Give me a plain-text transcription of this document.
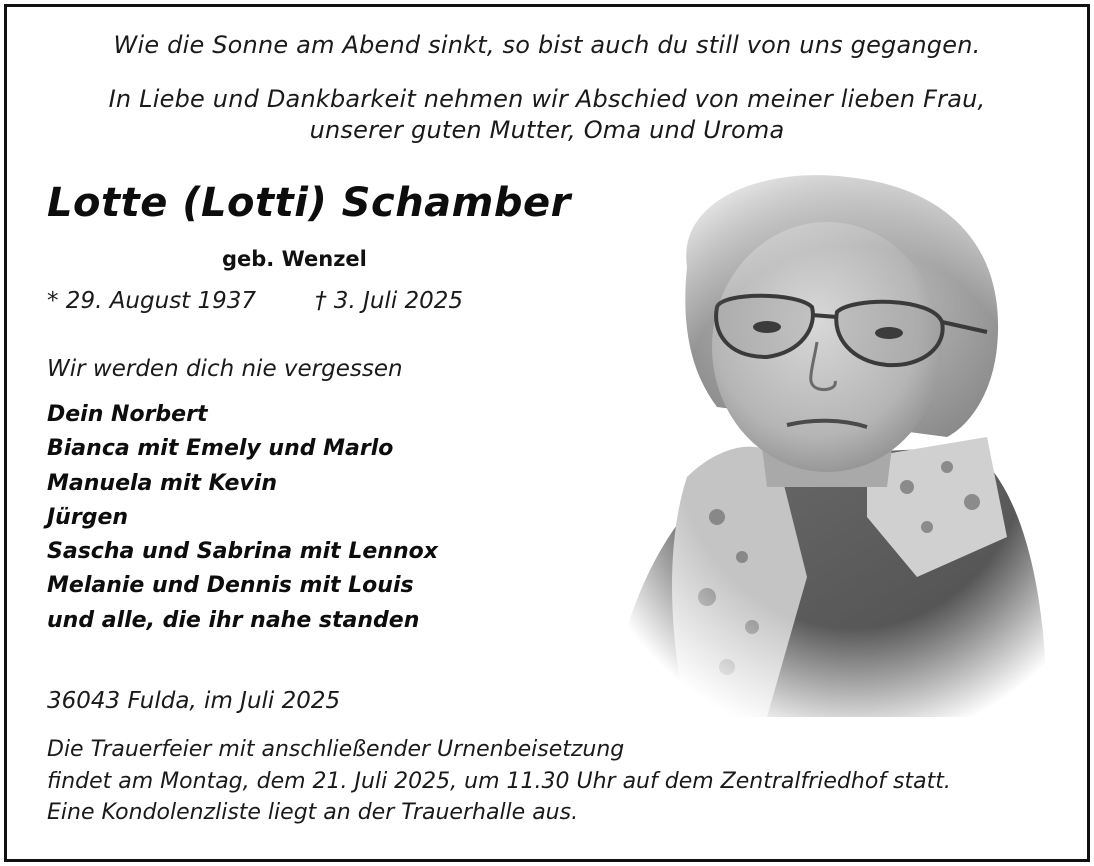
Wie die Sonne am Abend sinkt, so bist auch du still von uns gegangen.
In Liebe und Dankbarkeit nehmen wir Abschied von meiner lieben Frau,
unserer guten Mutter, Oma und Uroma
Lotte (Lotti) Schamber
geb. Wenzel
* 29. August 1937	† 3. Juli 2025
Wir werden dich nie vergessen
Dein Norbert
Bianca mit Emely und Marlo
Manuela mit Kevin
Jürgen
Sascha und Sabrina mit Lennox
Melanie und Dennis mit Louis
und alle, die ihr nahe standen
36043 Fulda, im Juli 2025
Die Trauerfeier mit anschließender Urnenbeisetzung
findet am Montag, dem 21. Juli 2025, um 11.30 Uhr auf dem Zentralfriedhof statt.
Eine Kondolenzliste liegt an der Trauerhalle aus.
